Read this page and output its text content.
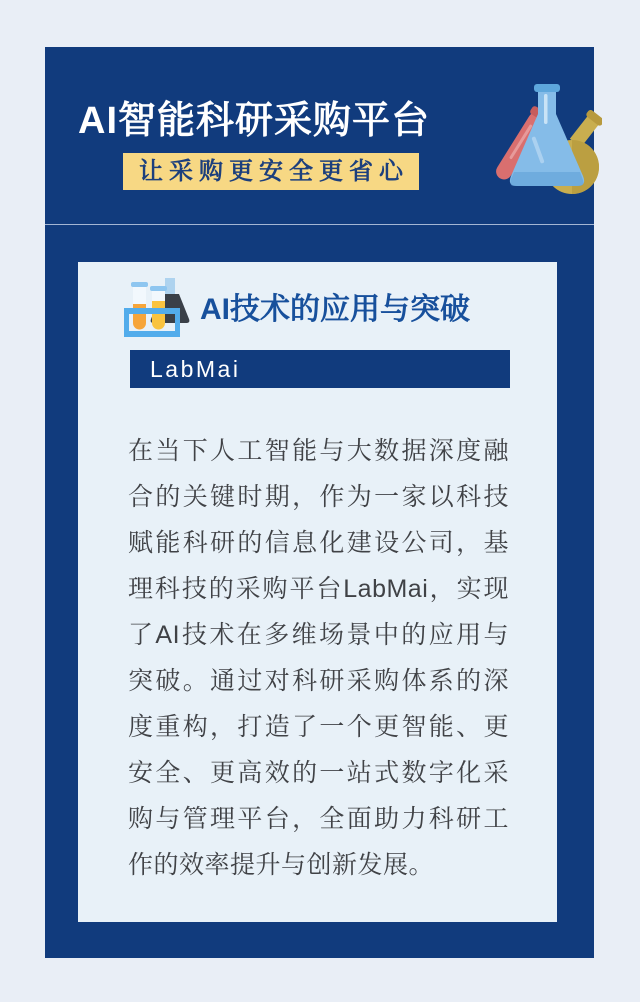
AI智能科研采购平台
让采购更安全更省心
AI技术的应用与突破
LabMai
在当下人工智能与大数据深度融合的关键时期，作为一家以科技赋能科研的信息化建设公司，基理科技的采购平台LabMai，实现了AI技术在多维场景中的应用与突破。通过对科研采购体系的深度重构，打造了一个更智能、更安全、更高效的一站式数字化采购与管理平台，全面助力科研工作的效率提升与创新发展。
